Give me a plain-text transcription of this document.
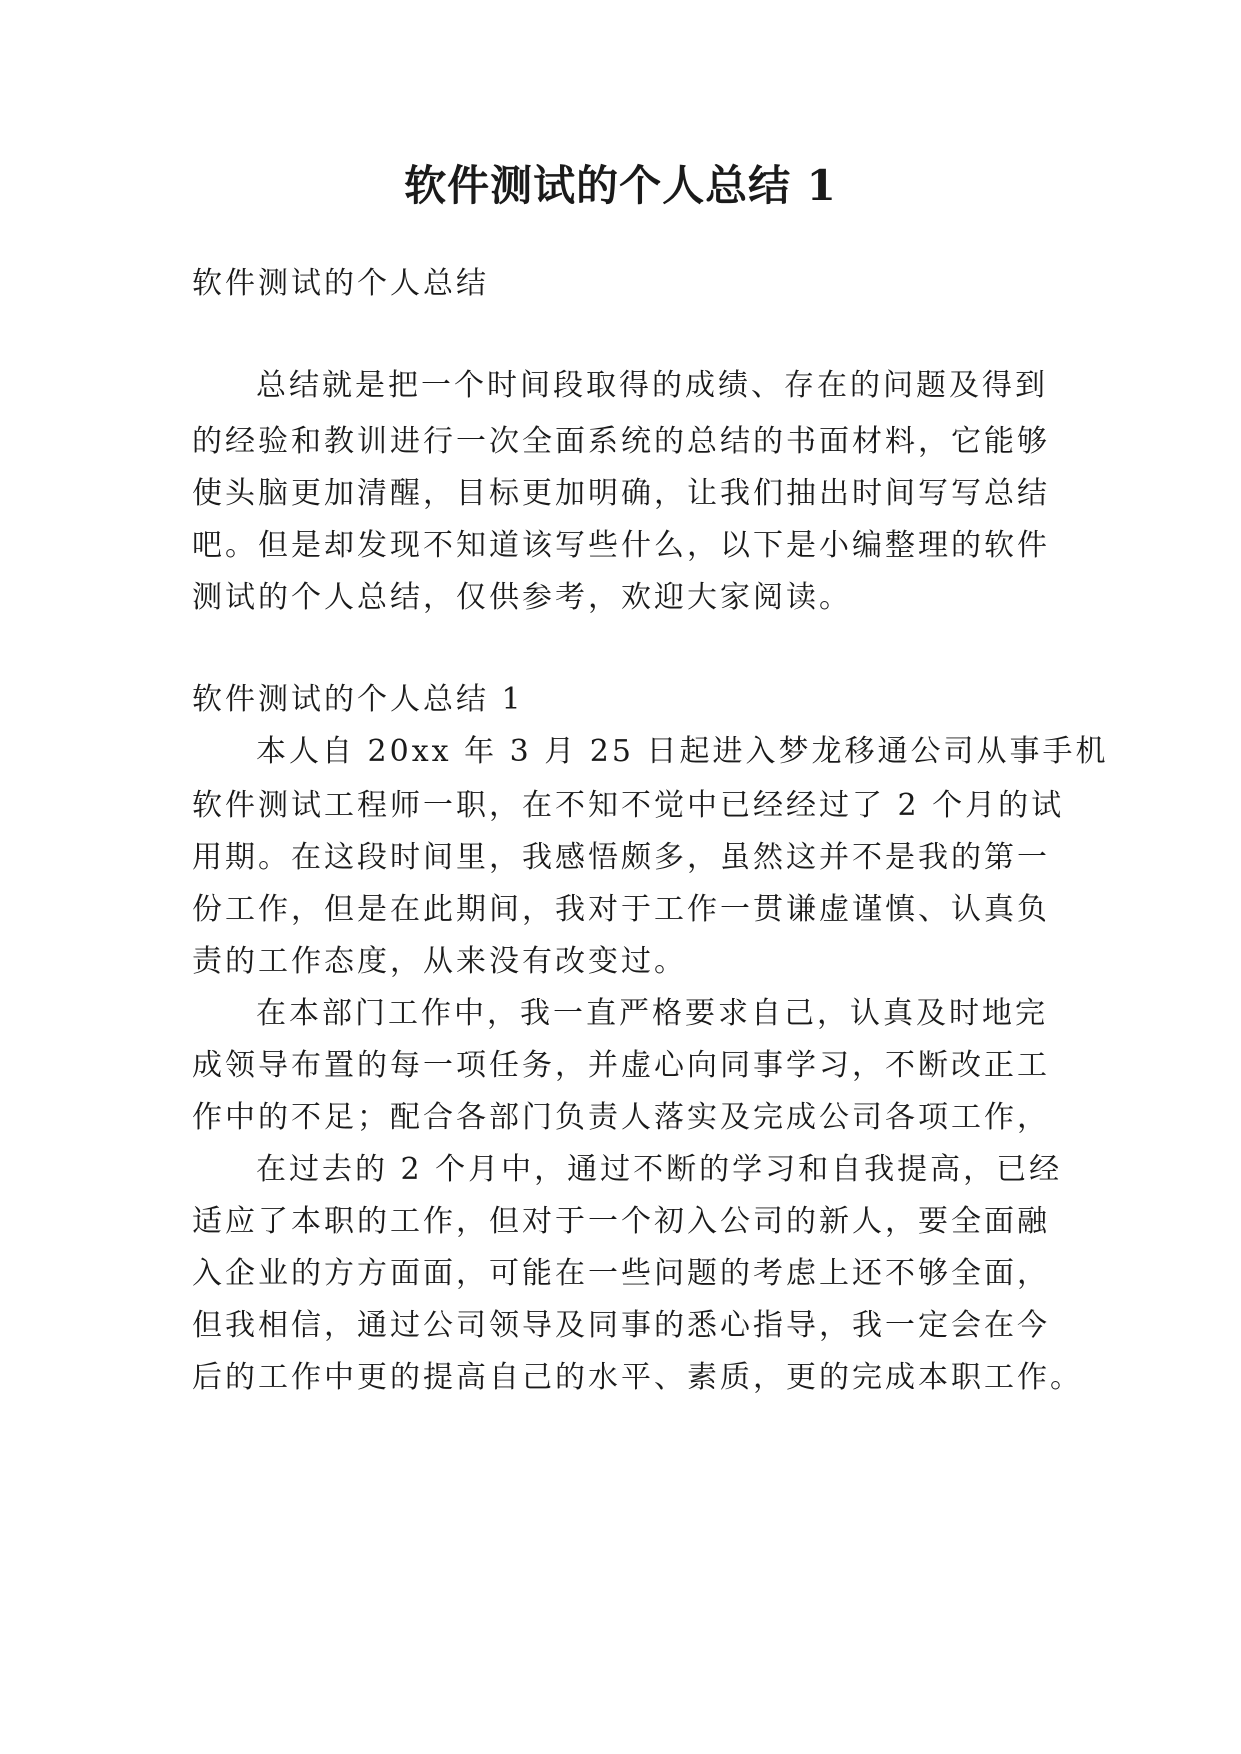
软件测试的个人总结 1
软件测试的个人总结
总结就是把一个时间段取得的成绩、存在的问题及得到
的经验和教训进行一次全面系统的总结的书面材料，它能够
使头脑更加清醒，目标更加明确，让我们抽出时间写写总结
吧。但是却发现不知道该写些什么，以下是小编整理的软件
测试的个人总结，仅供参考，欢迎大家阅读。
软件测试的个人总结 1
本人自 20xx 年 3 月 25 日起进入梦龙移通公司从事手机
软件测试工程师一职，在不知不觉中已经经过了 2 个月的试
用期。在这段时间里，我感悟颇多，虽然这并不是我的第一
份工作，但是在此期间，我对于工作一贯谦虚谨慎、认真负
责的工作态度，从来没有改变过。
在本部门工作中，我一直严格要求自己，认真及时地完
成领导布置的每一项任务，并虚心向同事学习，不断改正工
作中的不足；配合各部门负责人落实及完成公司各项工作，
在过去的 2 个月中，通过不断的学习和自我提高，已经
适应了本职的工作，但对于一个初入公司的新人，要全面融
入企业的方方面面，可能在一些问题的考虑上还不够全面，
但我相信，通过公司领导及同事的悉心指导，我一定会在今
后的工作中更的提高自己的水平、素质，更的完成本职工作。
